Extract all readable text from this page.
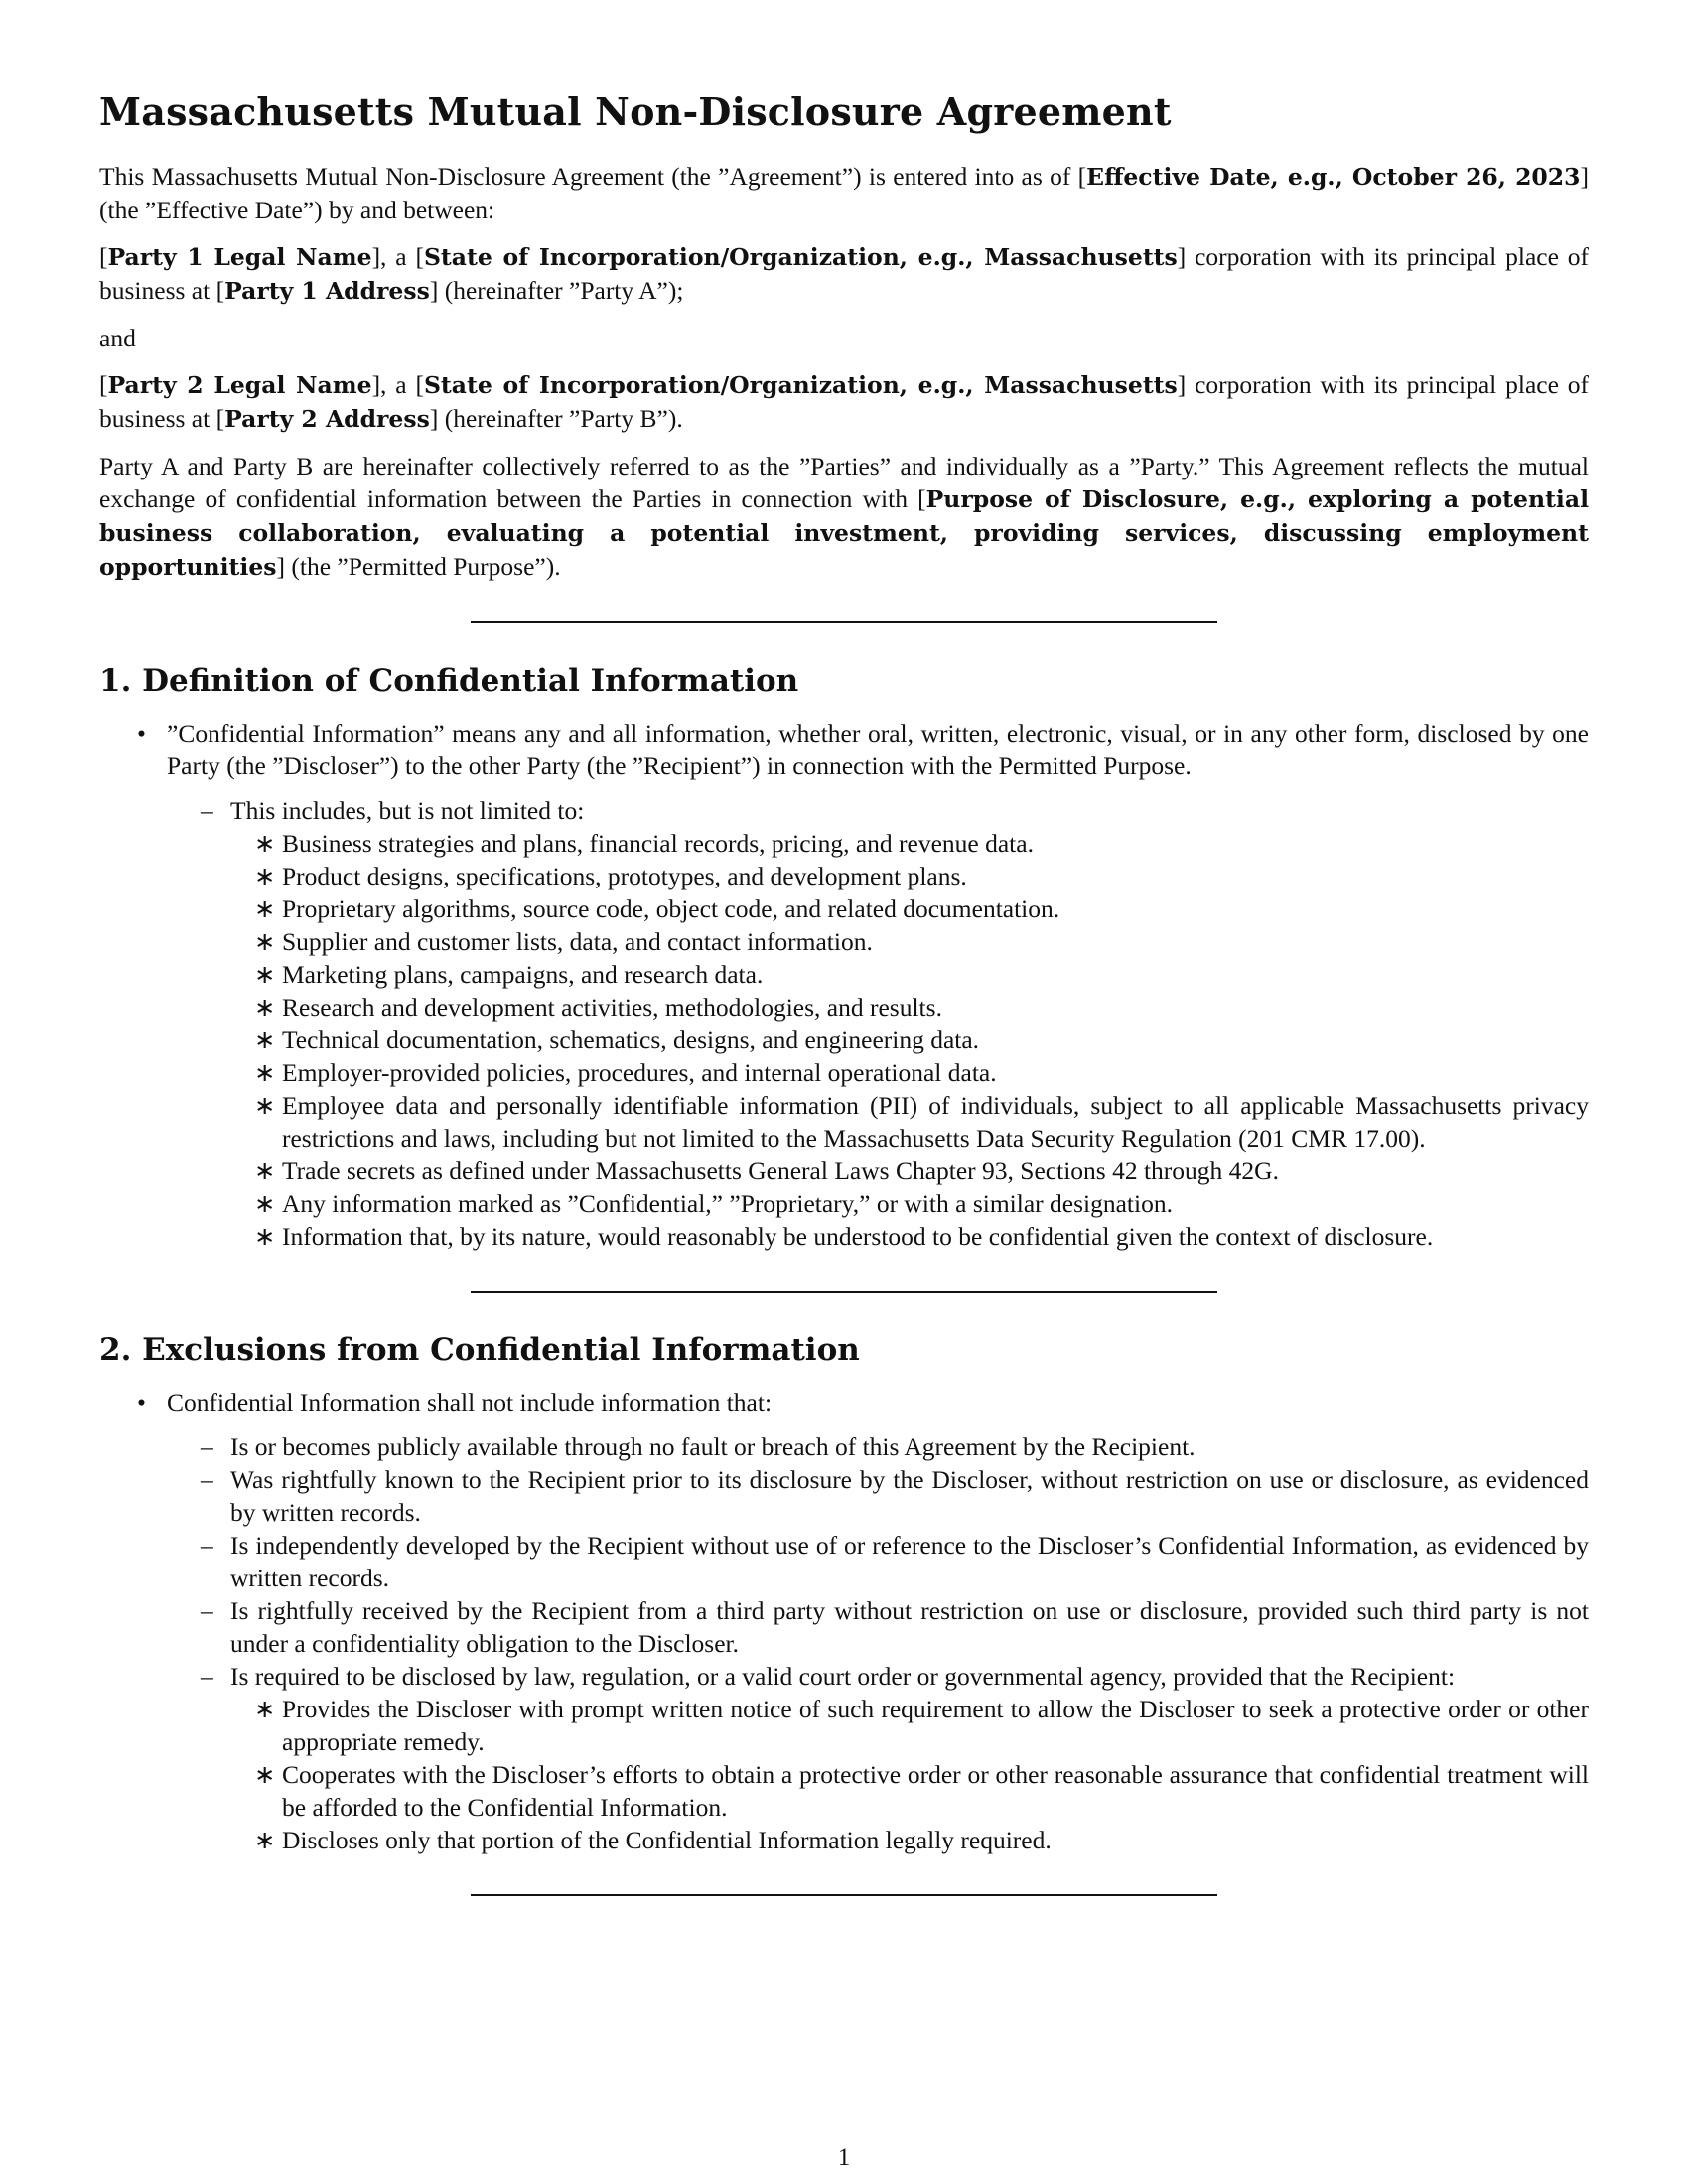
Massachusetts Mutual Non-Disclosure Agreement

This Massachusetts Mutual Non-Disclosure Agreement (the ”Agreement”) is entered into as of [Effective Date, e.g., October 26, 2023] (the ”Effective Date”) by and between:

[Party 1 Legal Name], a [State of Incorporation/Organization, e.g., Massachusetts] corporation with its principal place of business at [Party 1 Address] (hereinafter ”Party A”);

and

[Party 2 Legal Name], a [State of Incorporation/Organization, e.g., Massachusetts] corporation with its principal place of business at [Party 2 Address] (hereinafter ”Party B”).

Party A and Party B are hereinafter collectively referred to as the ”Parties” and individually as a ”Party.” This Agreement reflects the mutual exchange of confidential information between the Parties in connection with [Purpose of Disclosure, e.g., exploring a potential business collaboration, evaluating a potential investment, providing services, discussing employment opportunities] (the ”Permitted Purpose”).

1. Definition of Confidential Information
• ”Confidential Information” means any and all information, whether oral, written, electronic, visual, or in any other form, disclosed by one Party (the ”Discloser”) to the other Party (the ”Recipient”) in connection with the Permitted Purpose.
– This includes, but is not limited to:
∗ Business strategies and plans, financial records, pricing, and revenue data.
∗ Product designs, specifications, prototypes, and development plans.
∗ Proprietary algorithms, source code, object code, and related documentation.
∗ Supplier and customer lists, data, and contact information.
∗ Marketing plans, campaigns, and research data.
∗ Research and development activities, methodologies, and results.
∗ Technical documentation, schematics, designs, and engineering data.
∗ Employer-provided policies, procedures, and internal operational data.
∗ Employee data and personally identifiable information (PII) of individuals, subject to all applicable Massachusetts privacy restrictions and laws, including but not limited to the Massachusetts Data Security Regulation (201 CMR 17.00).
∗ Trade secrets as defined under Massachusetts General Laws Chapter 93, Sections 42 through 42G.
∗ Any information marked as ”Confidential,” ”Proprietary,” or with a similar designation.
∗ Information that, by its nature, would reasonably be understood to be confidential given the context of disclosure.
2. Exclusions from Confidential Information
• Confidential Information shall not include information that:
– Is or becomes publicly available through no fault or breach of this Agreement by the Recipient.
– Was rightfully known to the Recipient prior to its disclosure by the Discloser, without restriction on use or disclosure, as evidenced by written records.
– Is independently developed by the Recipient without use of or reference to the Discloser’s Confidential Information, as evidenced by written records.
– Is rightfully received by the Recipient from a third party without restriction on use or disclosure, provided such third party is not under a confidentiality obligation to the Discloser.
– Is required to be disclosed by law, regulation, or a valid court order or governmental agency, provided that the Recipient:
∗ Provides the Discloser with prompt written notice of such requirement to allow the Discloser to seek a protective order or other appropriate remedy.
∗ Cooperates with the Discloser’s efforts to obtain a protective order or other reasonable assurance that confidential treatment will be afforded to the Confidential Information.
∗ Discloses only that portion of the Confidential Information legally required.
1
